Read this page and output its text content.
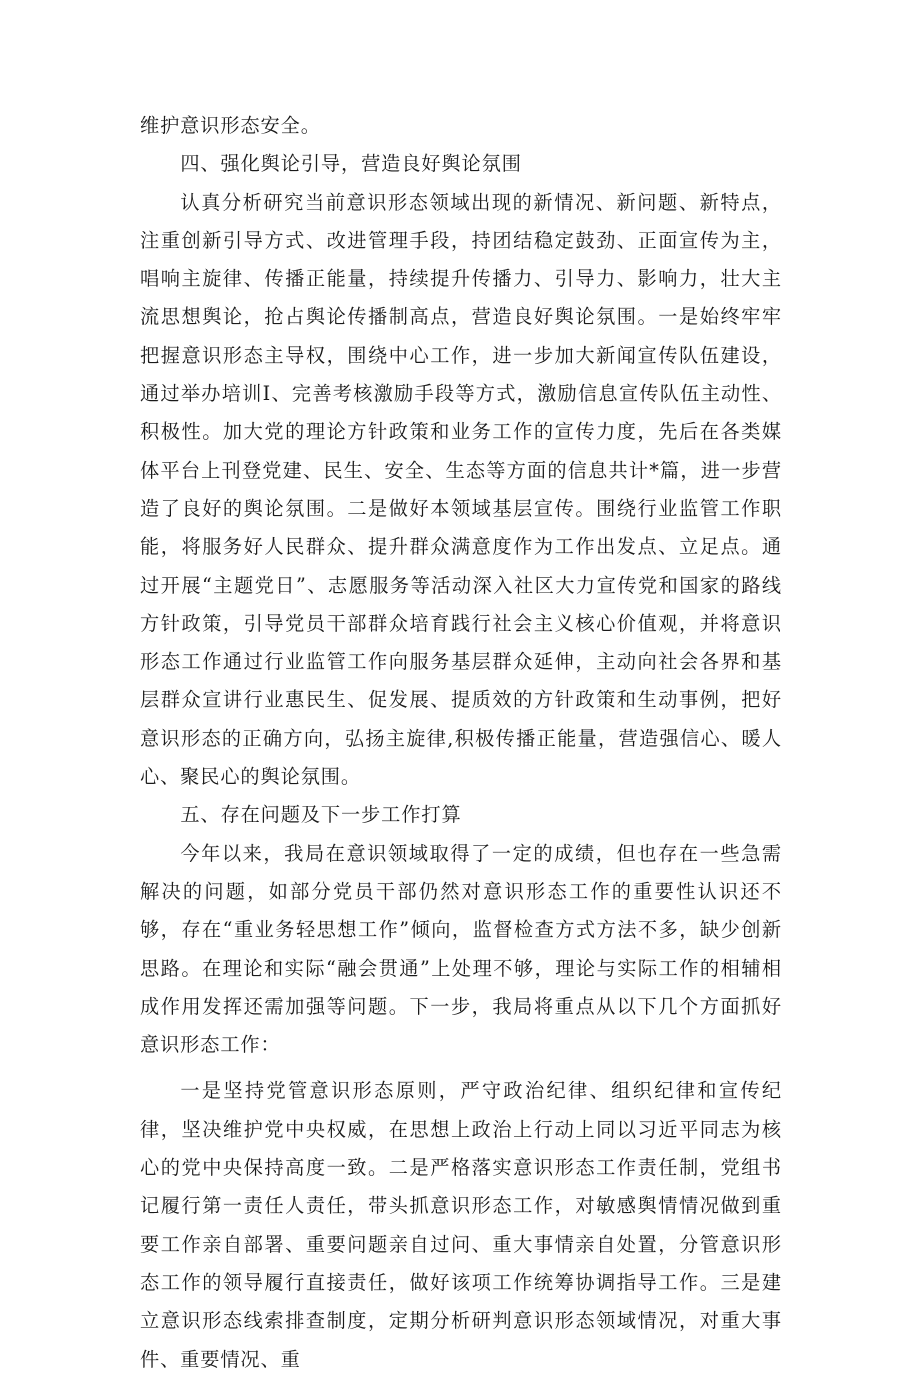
维护意识形态安全。

四、强化舆论引导，营造良好舆论氛围

认真分析研究当前意识形态领域出现的新情况、新问题、新特点，注重创新引导方式、改进管理手段，持团结稳定鼓劲、正面宣传为主，唱响主旋律、传播正能量，持续提升传播力、引导力、影响力，壮大主流思想舆论，抢占舆论传播制高点，营造良好舆论氛围。一是始终牢牢把握意识形态主导权，围绕中心工作，进一步加大新闻宣传队伍建设，通过举办培训I、完善考核激励手段等方式，激励信息宣传队伍主动性、积极性。加大党的理论方针政策和业务工作的宣传力度，先后在各类媒体平台上刊登党建、民生、安全、生态等方面的信息共计*篇，进一步营造了良好的舆论氛围。二是做好本领域基层宣传。围绕行业监管工作职能，将服务好人民群众、提升群众满意度作为工作出发点、立足点。通过开展“主题党日”、志愿服务等活动深入社区大力宣传党和国家的路线方针政策，引导党员干部群众培育践行社会主义核心价值观，并将意识形态工作通过行业监管工作向服务基层群众延伸，主动向社会各界和基层群众宣讲行业惠民生、促发展、提质效的方针政策和生动事例，把好意识形态的正确方向，弘扬主旋律,积极传播正能量，营造强信心、暖人心、聚民心的舆论氛围。

五、存在问题及下一步工作打算

今年以来，我局在意识领域取得了一定的成绩，但也存在一些急需解决的问题，如部分党员干部仍然对意识形态工作的重要性认识还不够，存在“重业务轻思想工作”倾向，监督检查方式方法不多，缺少创新思路。在理论和实际“融会贯通”上处理不够，理论与实际工作的相辅相成作用发挥还需加强等问题。下一步，我局将重点从以下几个方面抓好意识形态工作：

一是坚持党管意识形态原则，严守政治纪律、组织纪律和宣传纪律，坚决维护党中央权威，在思想上政治上行动上同以习近平同志为核心的党中央保持高度一致。二是严格落实意识形态工作责任制，党组书记履行第一责任人责任，带头抓意识形态工作，对敏感舆情情况做到重要工作亲自部署、重要问题亲自过问、重大事情亲自处置，分管意识形态工作的领导履行直接责任，做好该项工作统筹协调指导工作。三是建立意识形态线索排查制度，定期分析研判意识形态领域情况，对重大事件、重要情况、重
